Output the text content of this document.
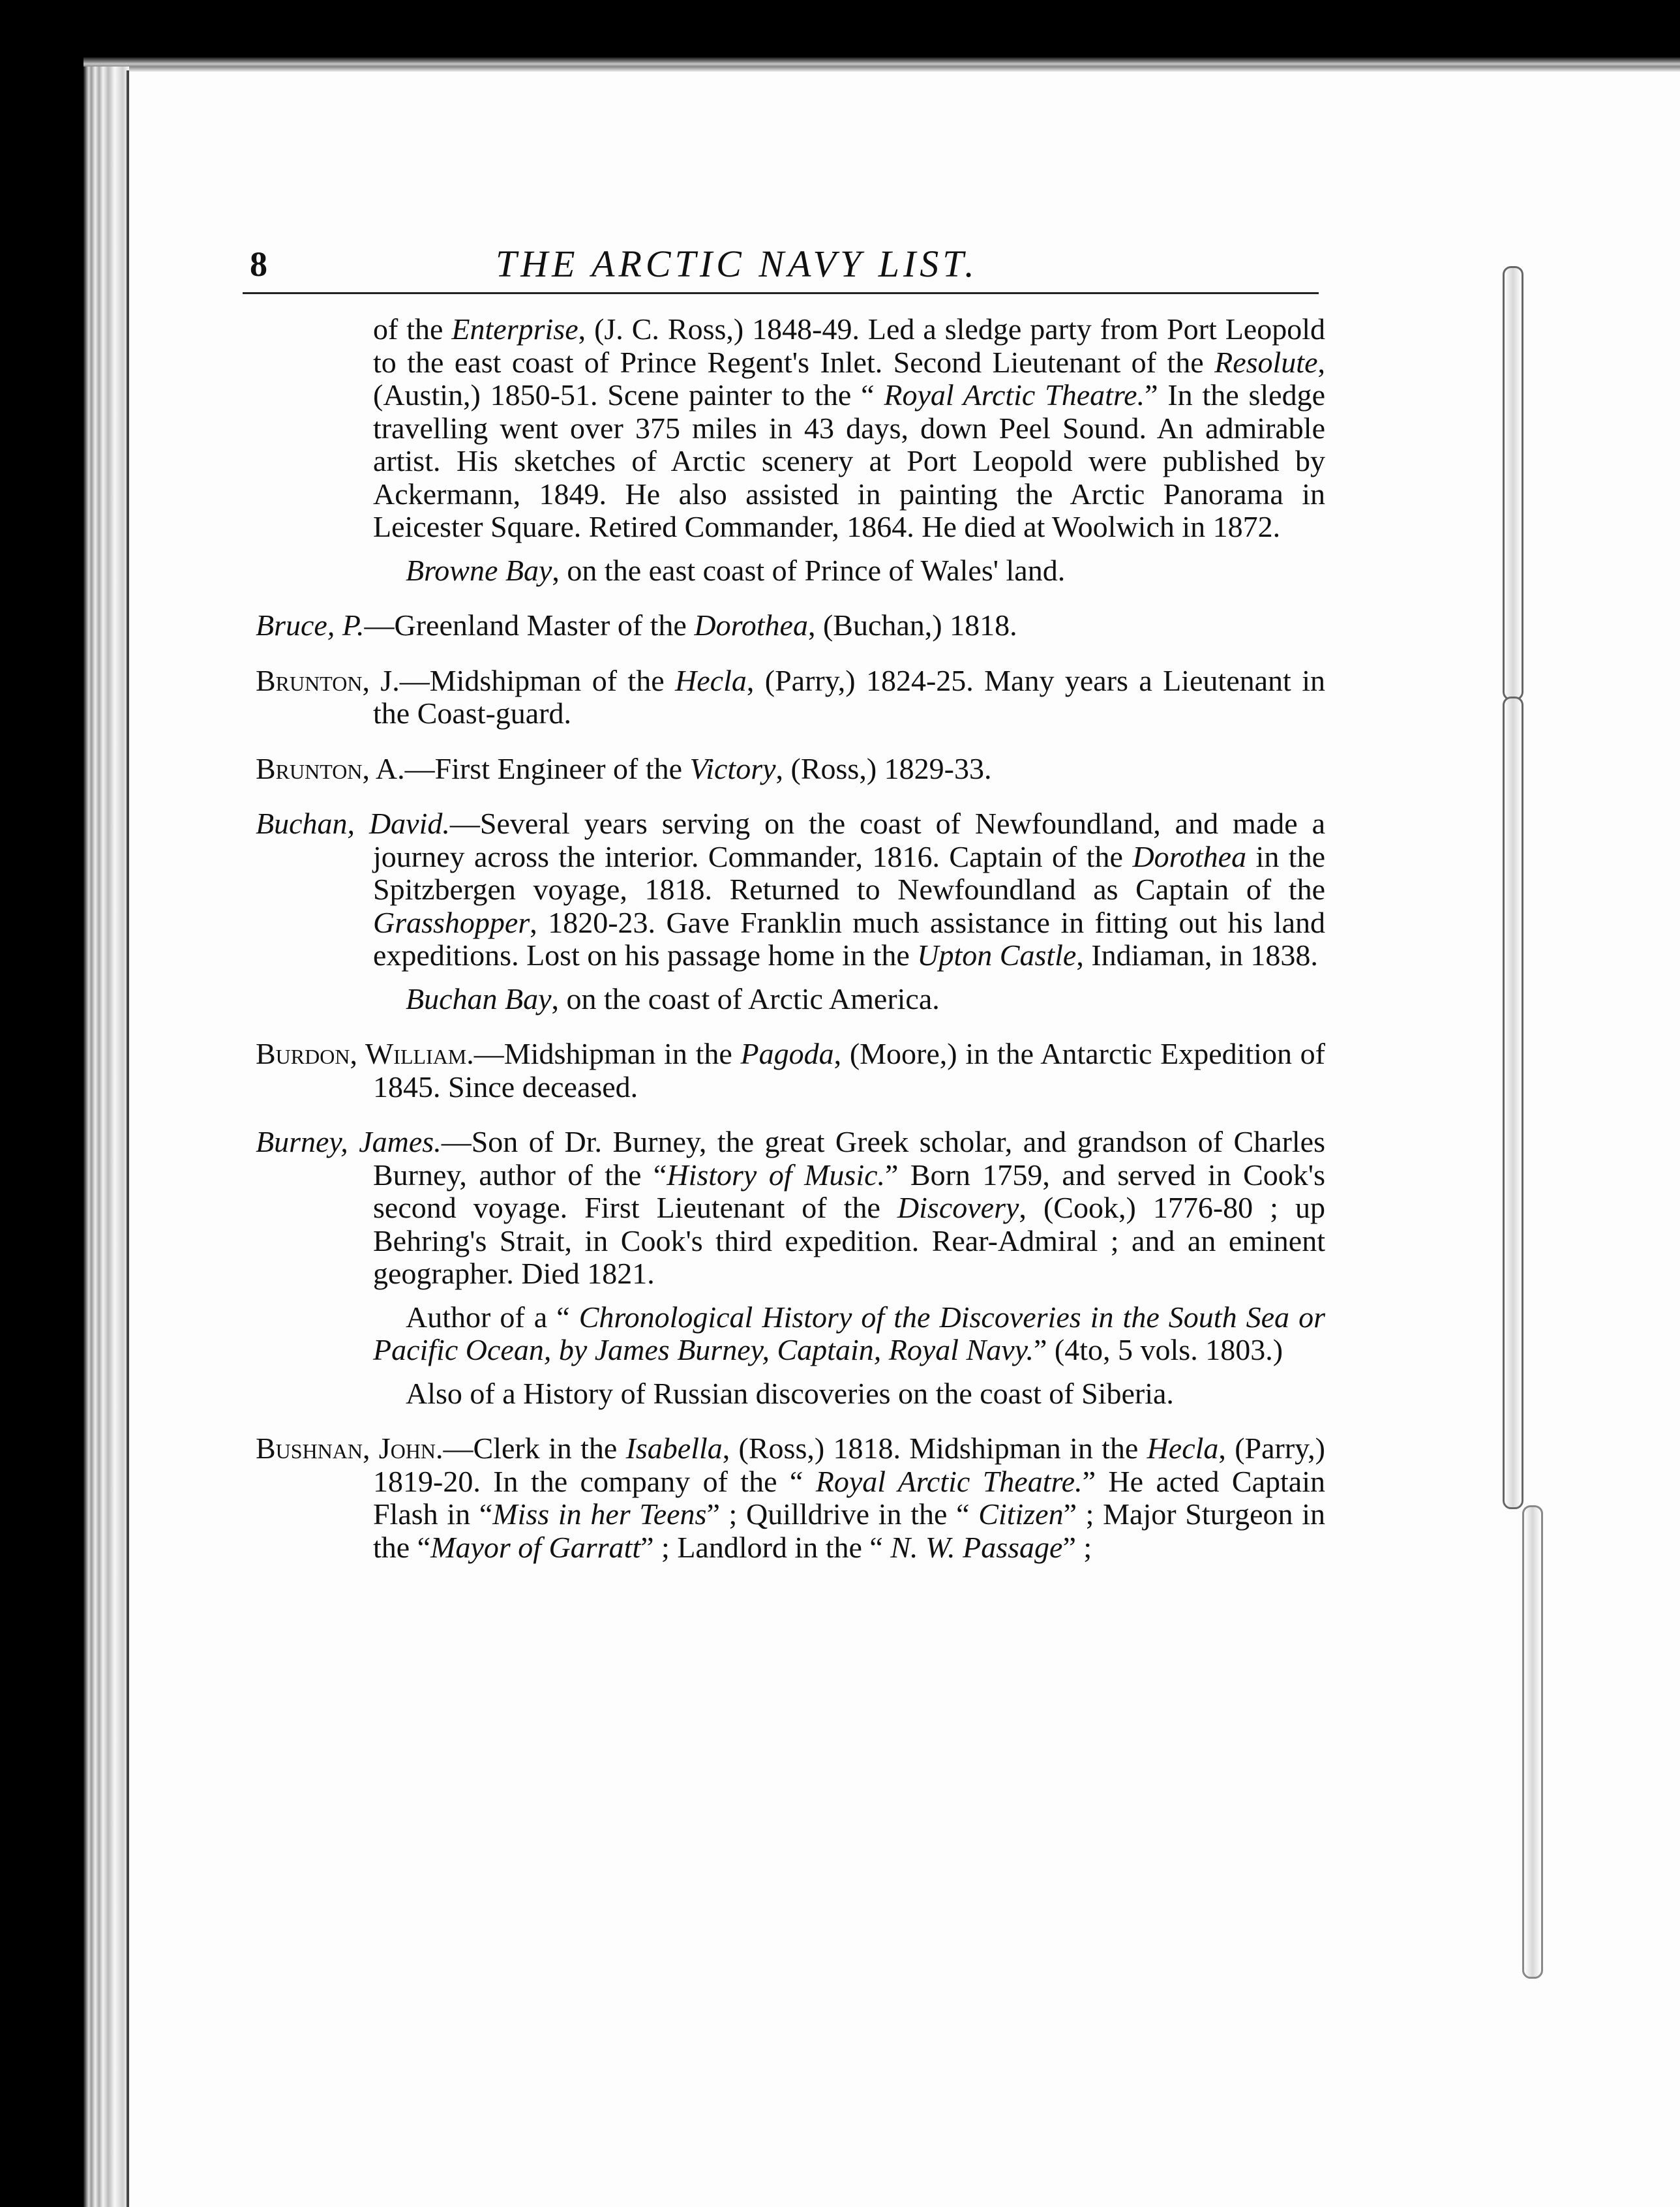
8	THE ARCTIC NAVY LIST.

of the Enterprise, (J. C. Ross,) 1848-49. Led a sledge party from Port Leopold to the east coast of Prince Regent's Inlet. Second Lieutenant of the Resolute, (Austin,) 1850-51. Scene painter to the “ Royal Arctic Theatre.” In the sledge travelling went over 375 miles in 43 days, down Peel Sound. An admirable artist. His sketches of Arctic scenery at Port Leopold were published by Ackermann, 1849. He also assisted in painting the Arctic Panorama in Leicester Square. Retired Commander, 1864. He died at Woolwich in 1872.

Browne Bay, on the east coast of Prince of Wales' land.

Bruce, P.—Greenland Master of the Dorothea, (Buchan,) 1818.

Brunton, J.—Midshipman of the Hecla, (Parry,) 1824-25. Many years a Lieutenant in the Coast-guard.

Brunton, A.—First Engineer of the Victory, (Ross,) 1829-33.

Buchan, David.—Several years serving on the coast of Newfoundland, and made a journey across the interior. Commander, 1816. Captain of the Dorothea in the Spitzbergen voyage, 1818. Returned to Newfoundland as Captain of the Grasshopper, 1820-23. Gave Franklin much assistance in fitting out his land expeditions. Lost on his passage home in the Upton Castle, Indiaman, in 1838.

Buchan Bay, on the coast of Arctic America.

Burdon, William.—Midshipman in the Pagoda, (Moore,) in the Antarctic Expedition of 1845. Since deceased.

Burney, James.—Son of Dr. Burney, the great Greek scholar, and grandson of Charles Burney, author of the “History of Music.” Born 1759, and served in Cook's second voyage. First Lieutenant of the Discovery, (Cook,) 1776-80 ; up Behring's Strait, in Cook's third expedition. Rear-Admiral ; and an eminent geographer. Died 1821.

Author of a “ Chronological History of the Discoveries in the South Sea or Pacific Ocean, by James Burney, Captain, Royal Navy.” (4to, 5 vols. 1803.)

Also of a History of Russian discoveries on the coast of Siberia.

Bushnan, John.—Clerk in the Isabella, (Ross,) 1818. Midshipman in the Hecla, (Parry,) 1819-20. In the company of the “ Royal Arctic Theatre.” He acted Captain Flash in “Miss in her Teens” ; Quilldrive in the “ Citizen” ; Major Sturgeon in the “Mayor of Garratt” ; Landlord in the “ N. W. Passage” ;
